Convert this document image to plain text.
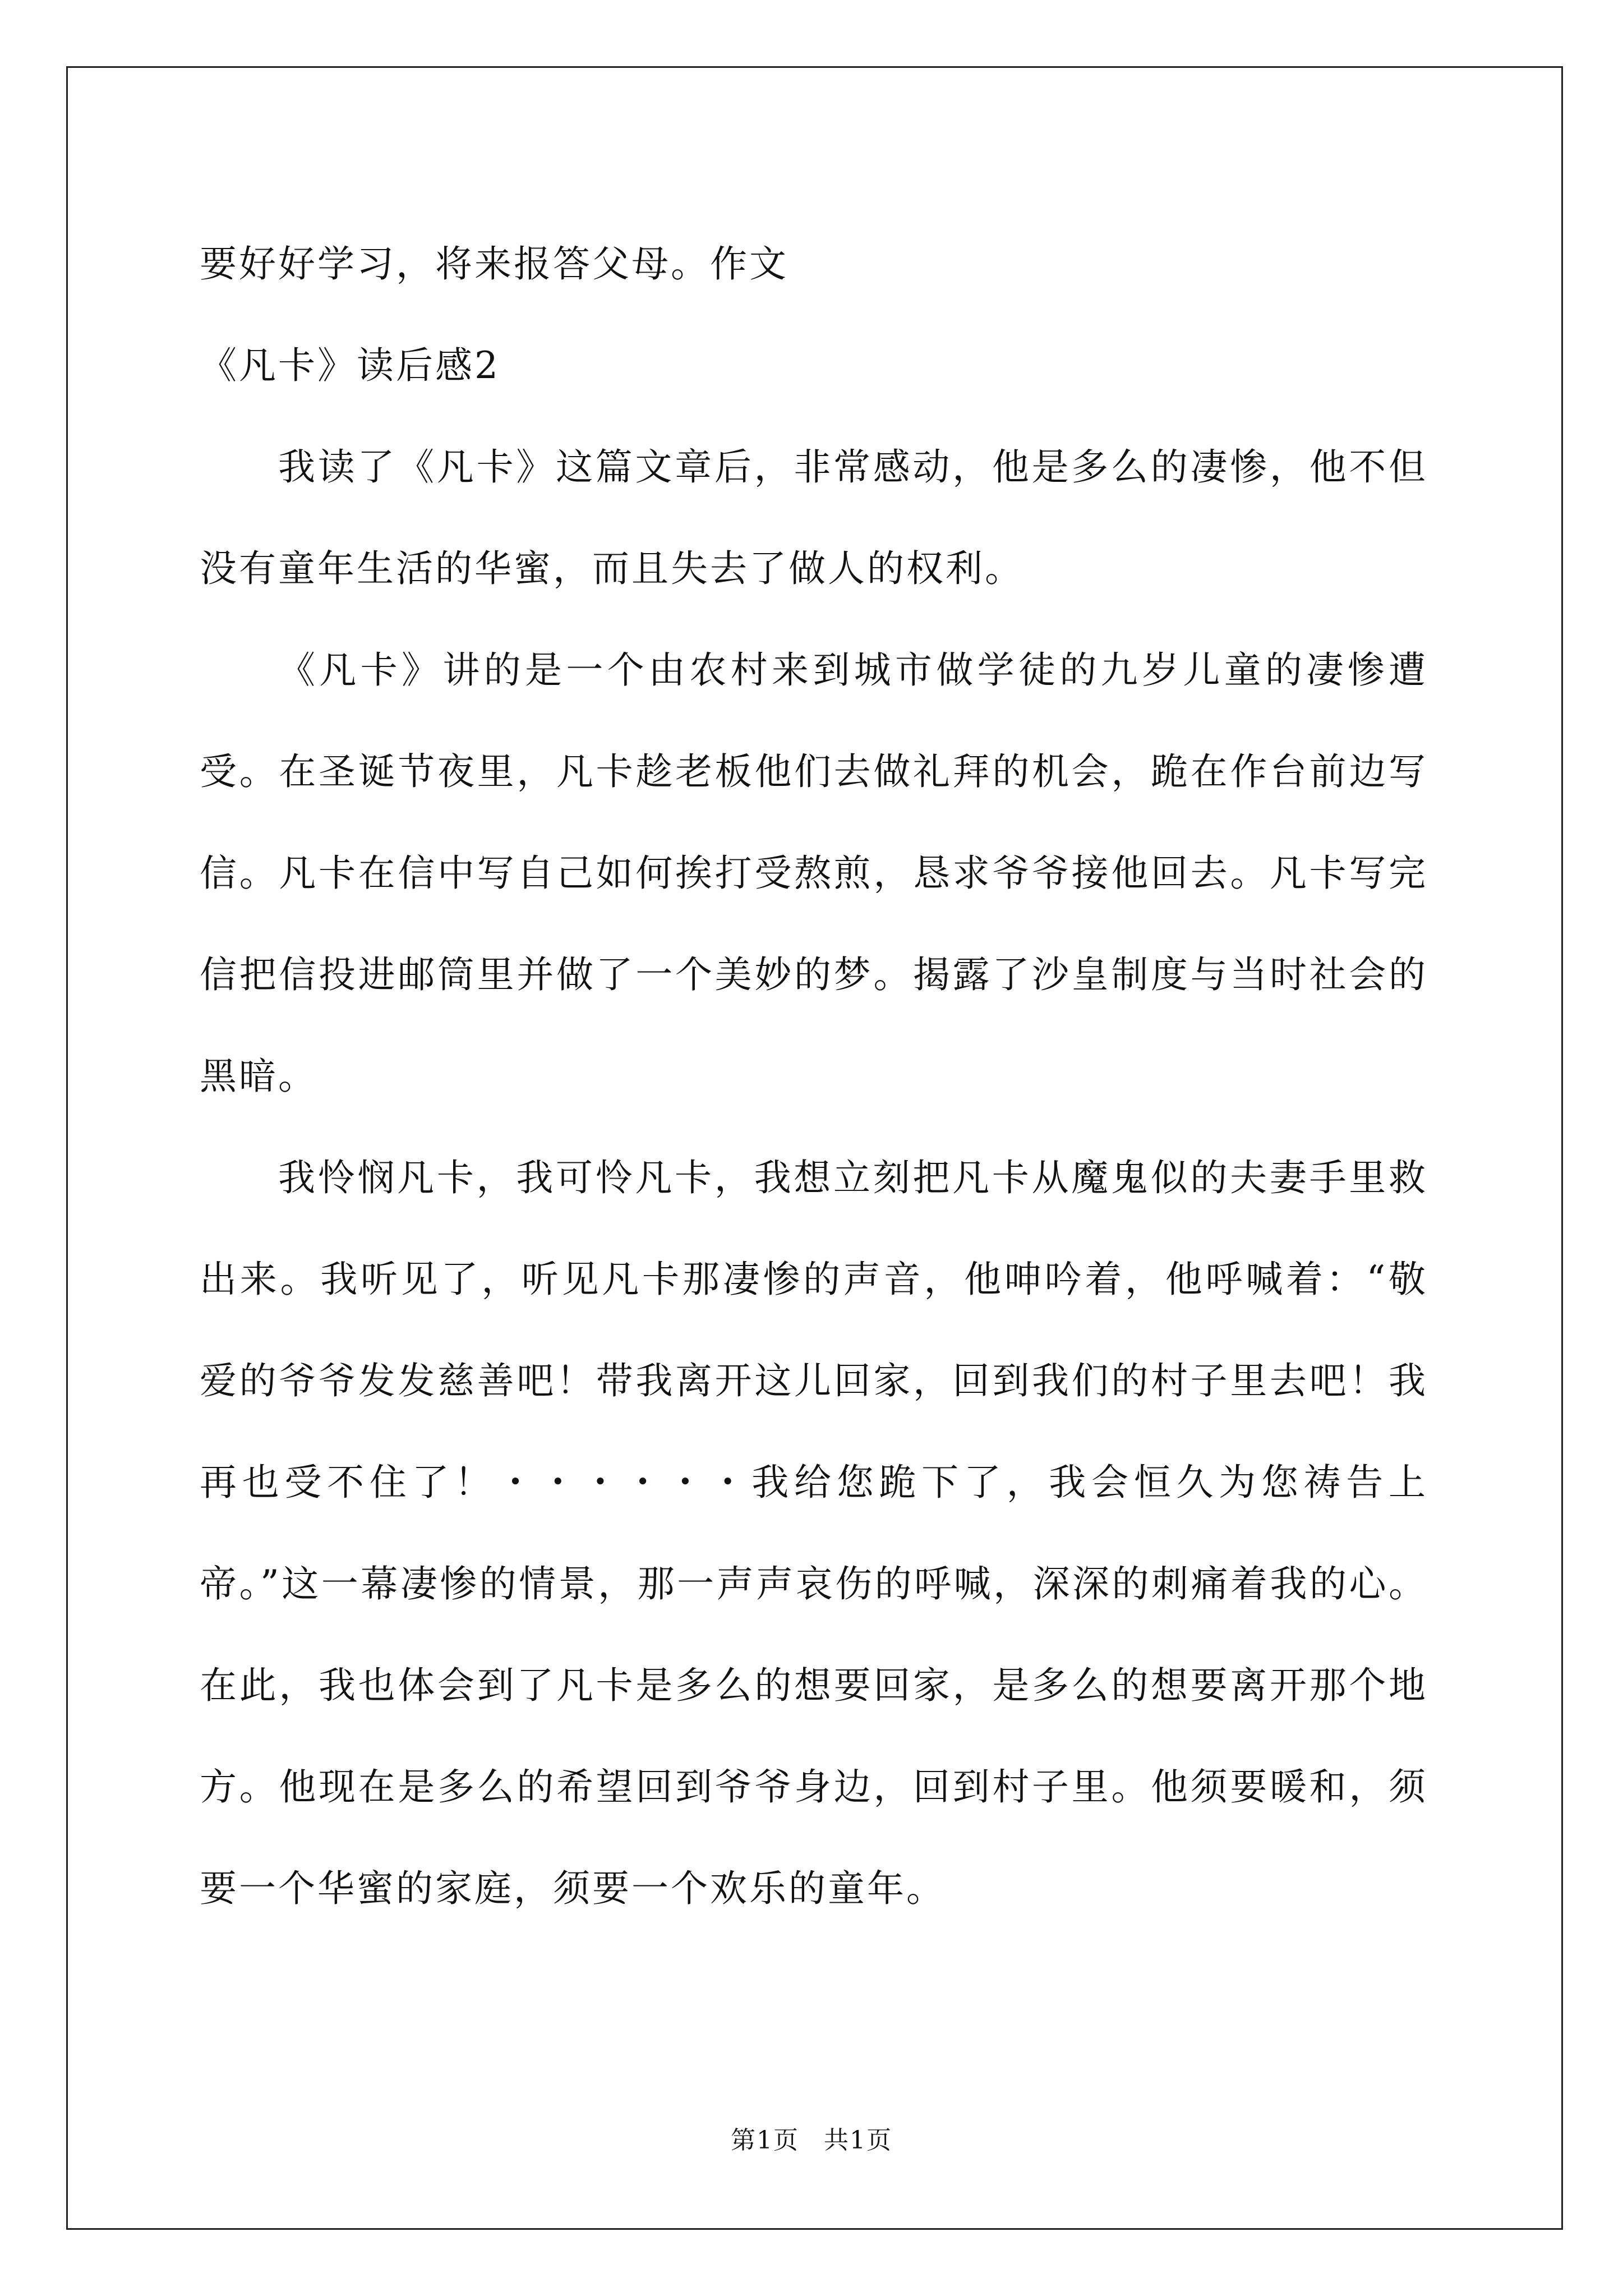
要好好学习，将来报答父母。作文
《凡卡》读后感2

我读了《凡卡》这篇文章后，非常感动，他是多么的凄惨，他不但没有童年生活的华蜜，而且失去了做人的权利。

《凡卡》讲的是一个由农村来到城市做学徒的九岁儿童的凄惨遭受。在圣诞节夜里，凡卡趁老板他们去做礼拜的机会，跪在作台前边写信。凡卡在信中写自己如何挨打受熬煎，恳求爷爷接他回去。凡卡写完信把信投进邮筒里并做了一个美妙的梦。揭露了沙皇制度与当时社会的黑暗。

我怜悯凡卡，我可怜凡卡，我想立刻把凡卡从魔鬼似的夫妻手里救出来。我听见了，听见凡卡那凄惨的声音，他呻吟着，他呼喊着：“敬爱的爷爷发发慈善吧！带我离开这儿回家，回到我们的村子里去吧！我再也受不住了！・・・・・・我给您跪下了，我会恒久为您祷告上帝。”这一幕凄惨的情景，那一声声哀伤的呼喊，深深的刺痛着我的心。在此，我也体会到了凡卡是多么的想要回家，是多么的想要离开那个地方。他现在是多么的希望回到爷爷身边，回到村子里。他须要暖和，须要一个华蜜的家庭，须要一个欢乐的童年。

第1页 共1页
